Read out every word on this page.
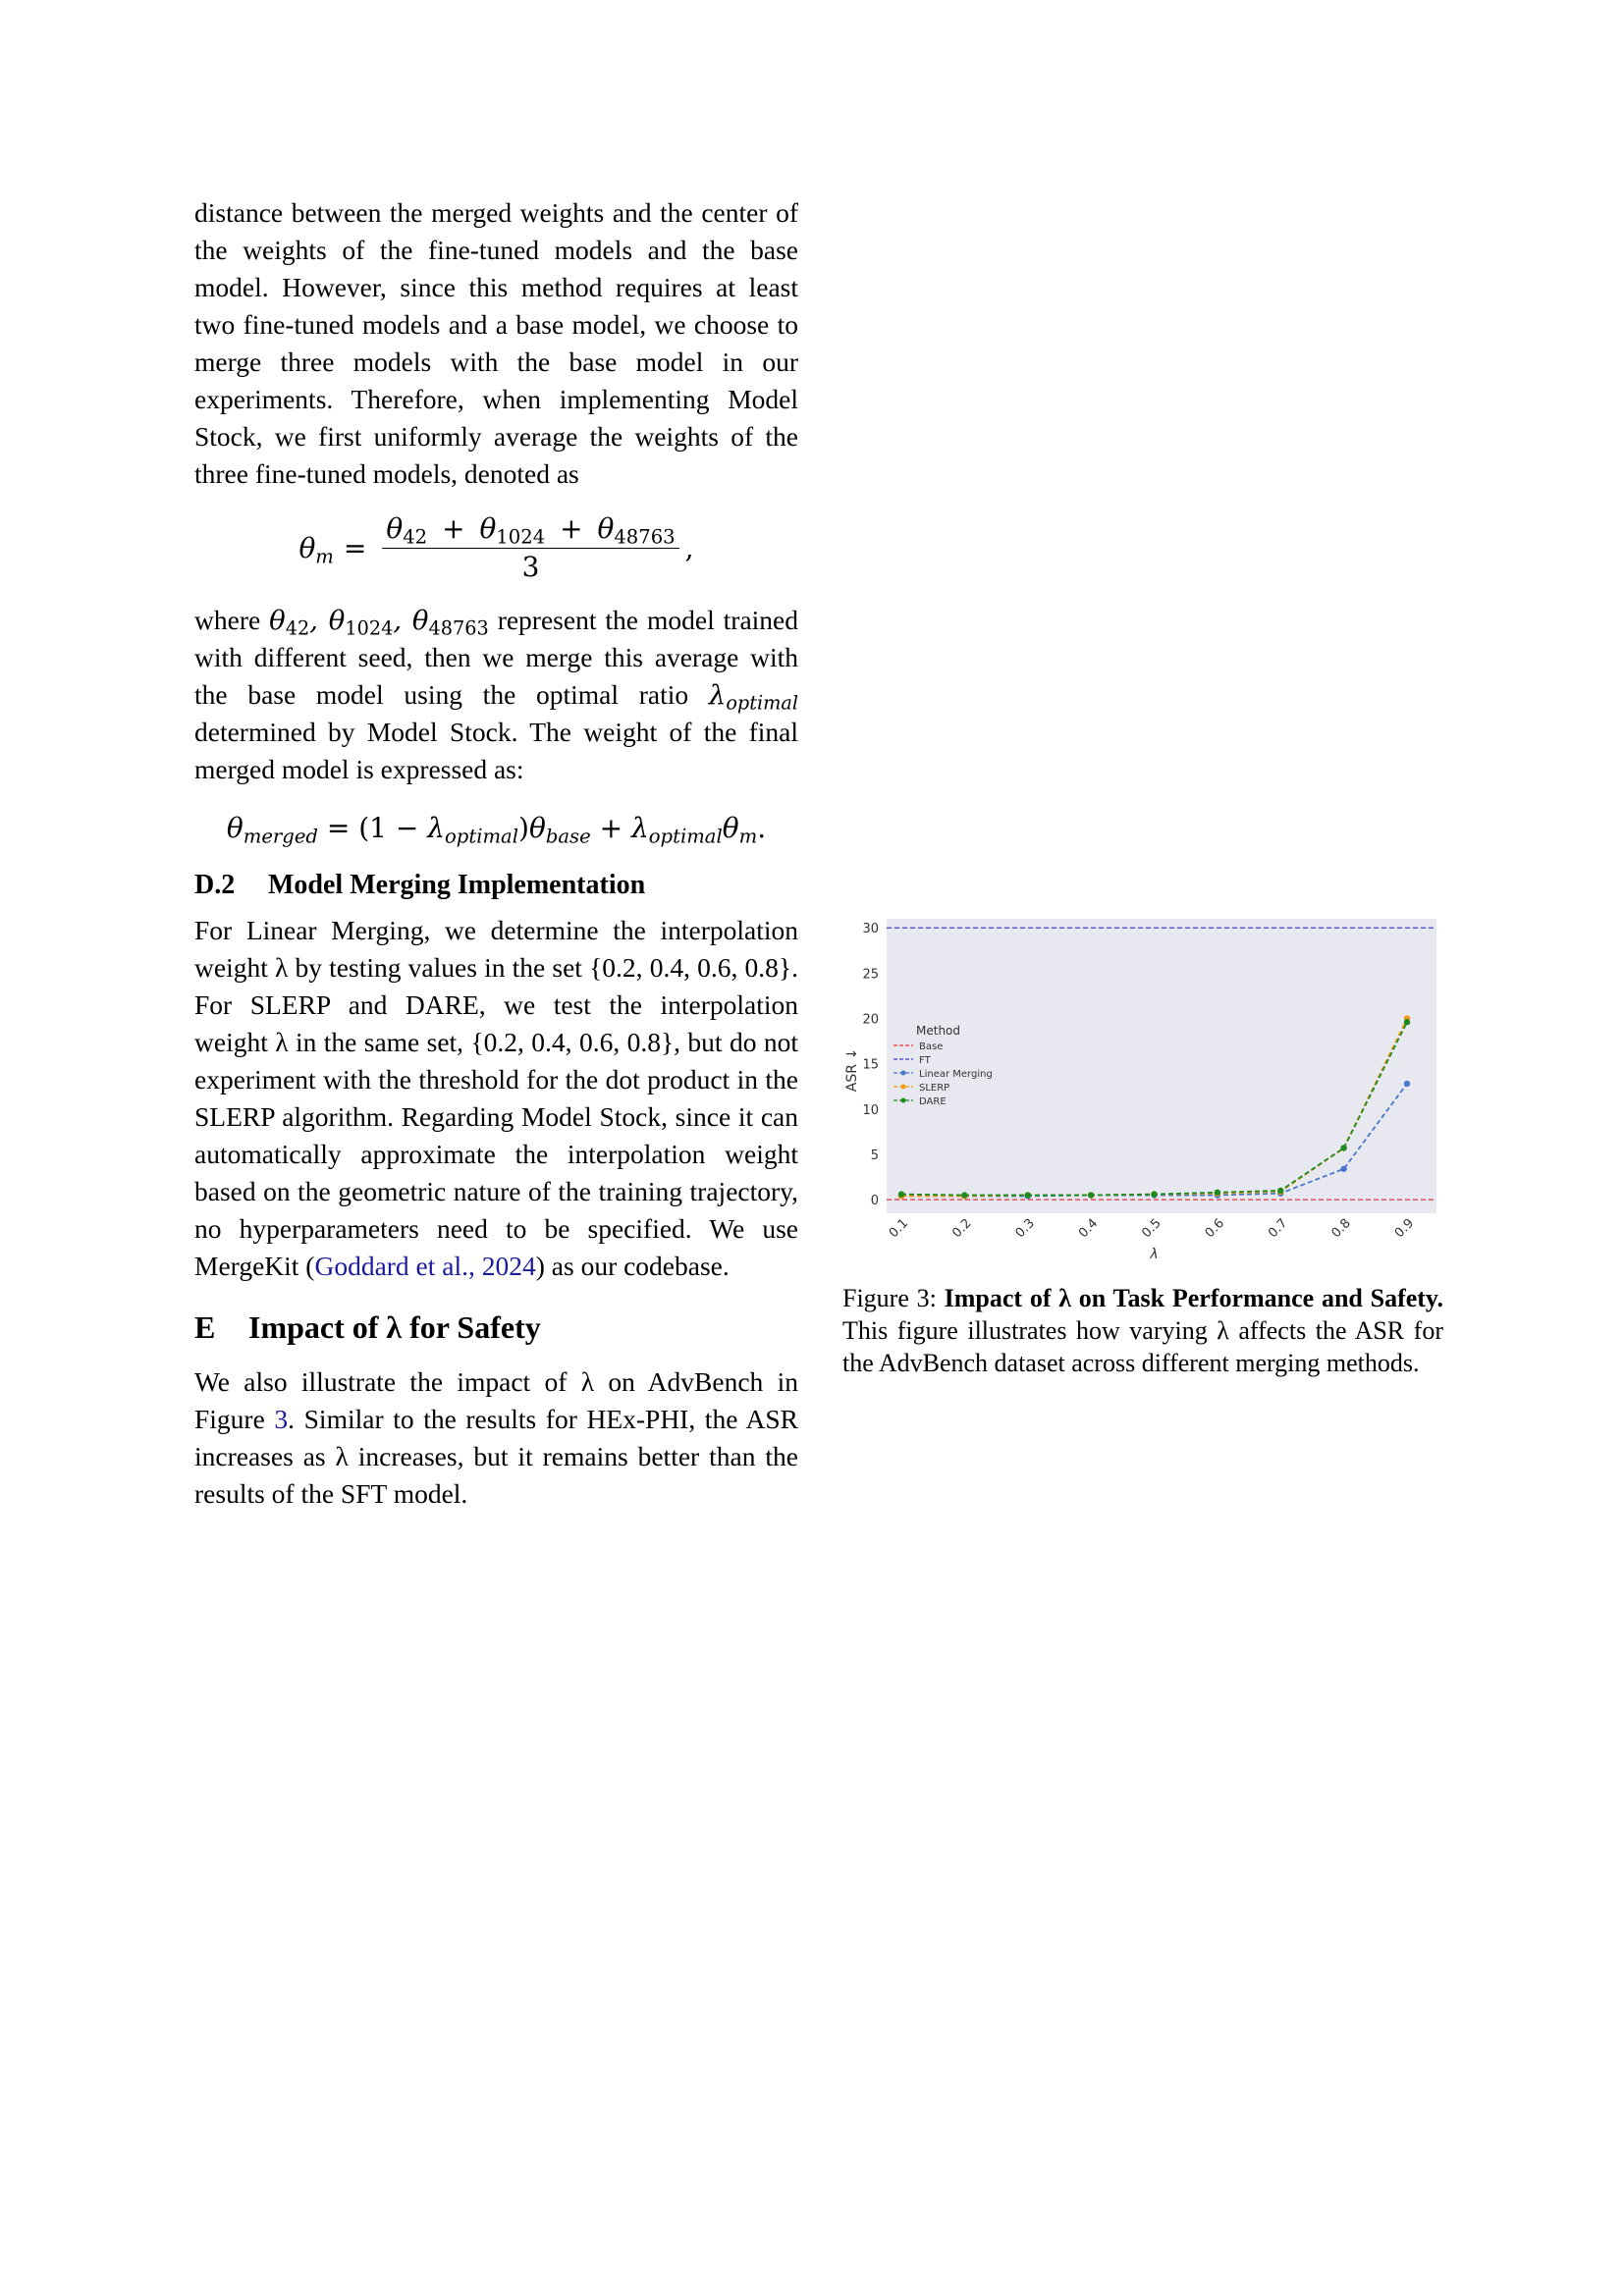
distance between the merged weights and the center of the weights of the fine-tuned models and the base model. However, since this method requires at least two fine-tuned models and a base model, we choose to merge three models with the base model in our experiments. Therefore, when implementing Model Stock, we first uniformly average the weights of the three fine-tuned models, denoted as

$\theta_m = \frac{\theta_{42} + \theta_{1024} + \theta_{48763}}{3}$ ,

where $\theta_{42}$, $\theta_{1024}$, $\theta_{48763}$ represent the model trained with different seed, then we merge this average with the base model using the optimal ratio $\lambda_{optimal}$ determined by Model Stock. The weight of the final merged model is expressed as:

$\theta_{merged} = (1 - \lambda_{optimal})\theta_{base} + \lambda_{optimal}\theta_m$.

D.2 Model Merging Implementation

For Linear Merging, we determine the interpolation weight λ by testing values in the set {0.2, 0.4, 0.6, 0.8}. For SLERP and DARE, we test the interpolation weight λ in the same set, {0.2, 0.4, 0.6, 0.8}, but do not experiment with the threshold for the dot product in the SLERP algorithm. Regarding Model Stock, since it can automatically approximate the interpolation weight based on the geometric nature of the training trajectory, no hyperparameters need to be specified. We use MergeKit (Goddard et al., 2024) as our codebase.

E Impact of λ for Safety

We also illustrate the impact of λ on AdvBench in Figure 3. Similar to the results for HEx-PHI, the ASR increases as λ increases, but it remains better than the results of the SFT model.

0
5
10
15
20
25
30
0.1	0.2	0.3	0.4	0.5	0.6	0.7	0.8	0.9
Method
Base
FT
Linear Merging
SLERP
DARE
ASR ↓
λ
Figure 3: Impact of λ on Task Performance and Safety. This figure illustrates how varying λ affects the ASR for the AdvBench dataset across different merging methods.
